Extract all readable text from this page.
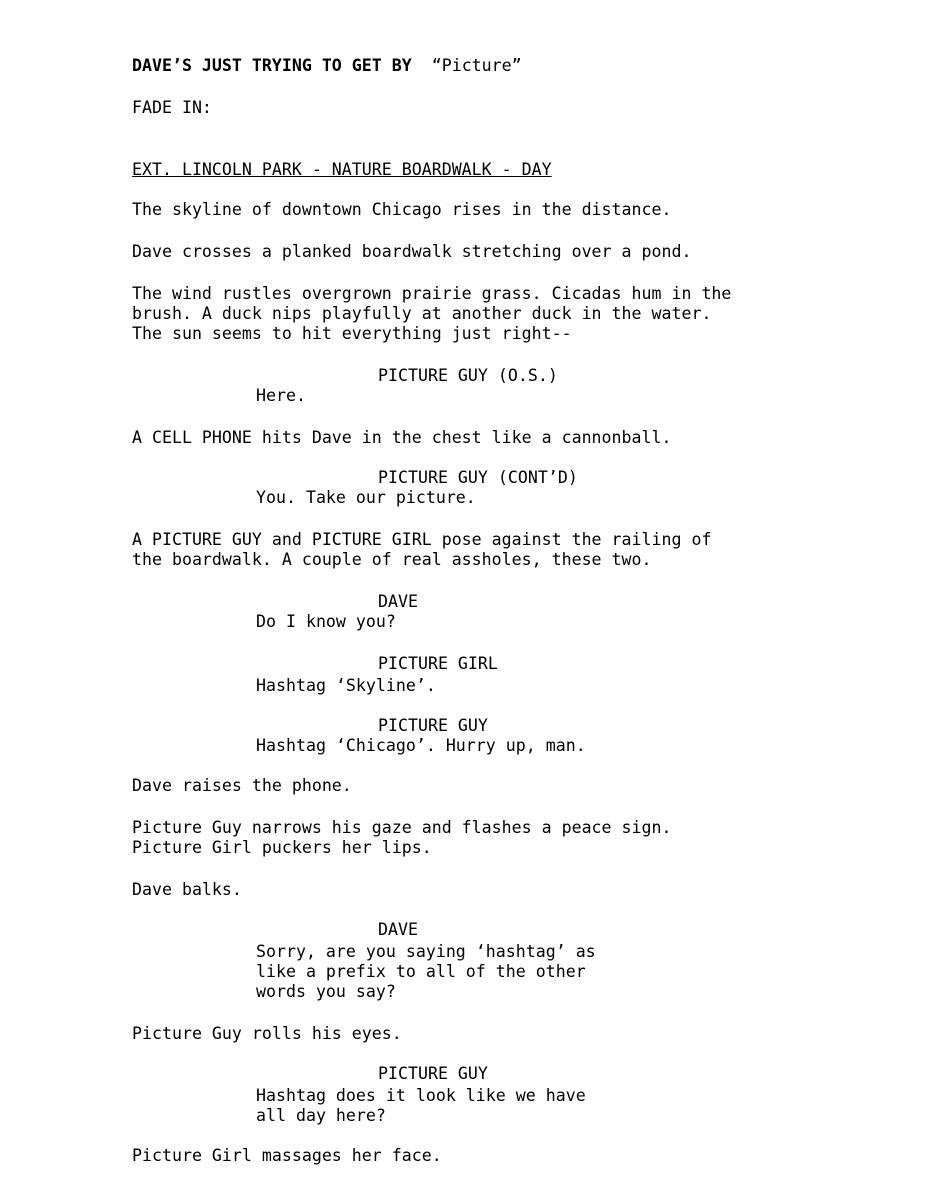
DAVE’S JUST TRYING TO GET BY “Picture”

FADE IN:

EXT. LINCOLN PARK - NATURE BOARDWALK - DAY

The skyline of downtown Chicago rises in the distance.

Dave crosses a planked boardwalk stretching over a pond.

The wind rustles overgrown prairie grass. Cicadas hum in the

brush. A duck nips playfully at another duck in the water.

The sun seems to hit everything just right--

PICTURE GUY (O.S.)

Here.

A CELL PHONE hits Dave in the chest like a cannonball.

PICTURE GUY (CONT’D)

You. Take our picture.

A PICTURE GUY and PICTURE GIRL pose against the railing of

the boardwalk. A couple of real assholes, these two.

DAVE

Do I know you?

PICTURE GIRL

Hashtag ‘Skyline’.

PICTURE GUY

Hashtag ‘Chicago’. Hurry up, man.

Dave raises the phone.

Picture Guy narrows his gaze and flashes a peace sign.

Picture Girl puckers her lips.

Dave balks.

DAVE

Sorry, are you saying ‘hashtag’ as

like a prefix to all of the other

words you say?

Picture Guy rolls his eyes.

PICTURE GUY

Hashtag does it look like we have

all day here?

Picture Girl massages her face.
